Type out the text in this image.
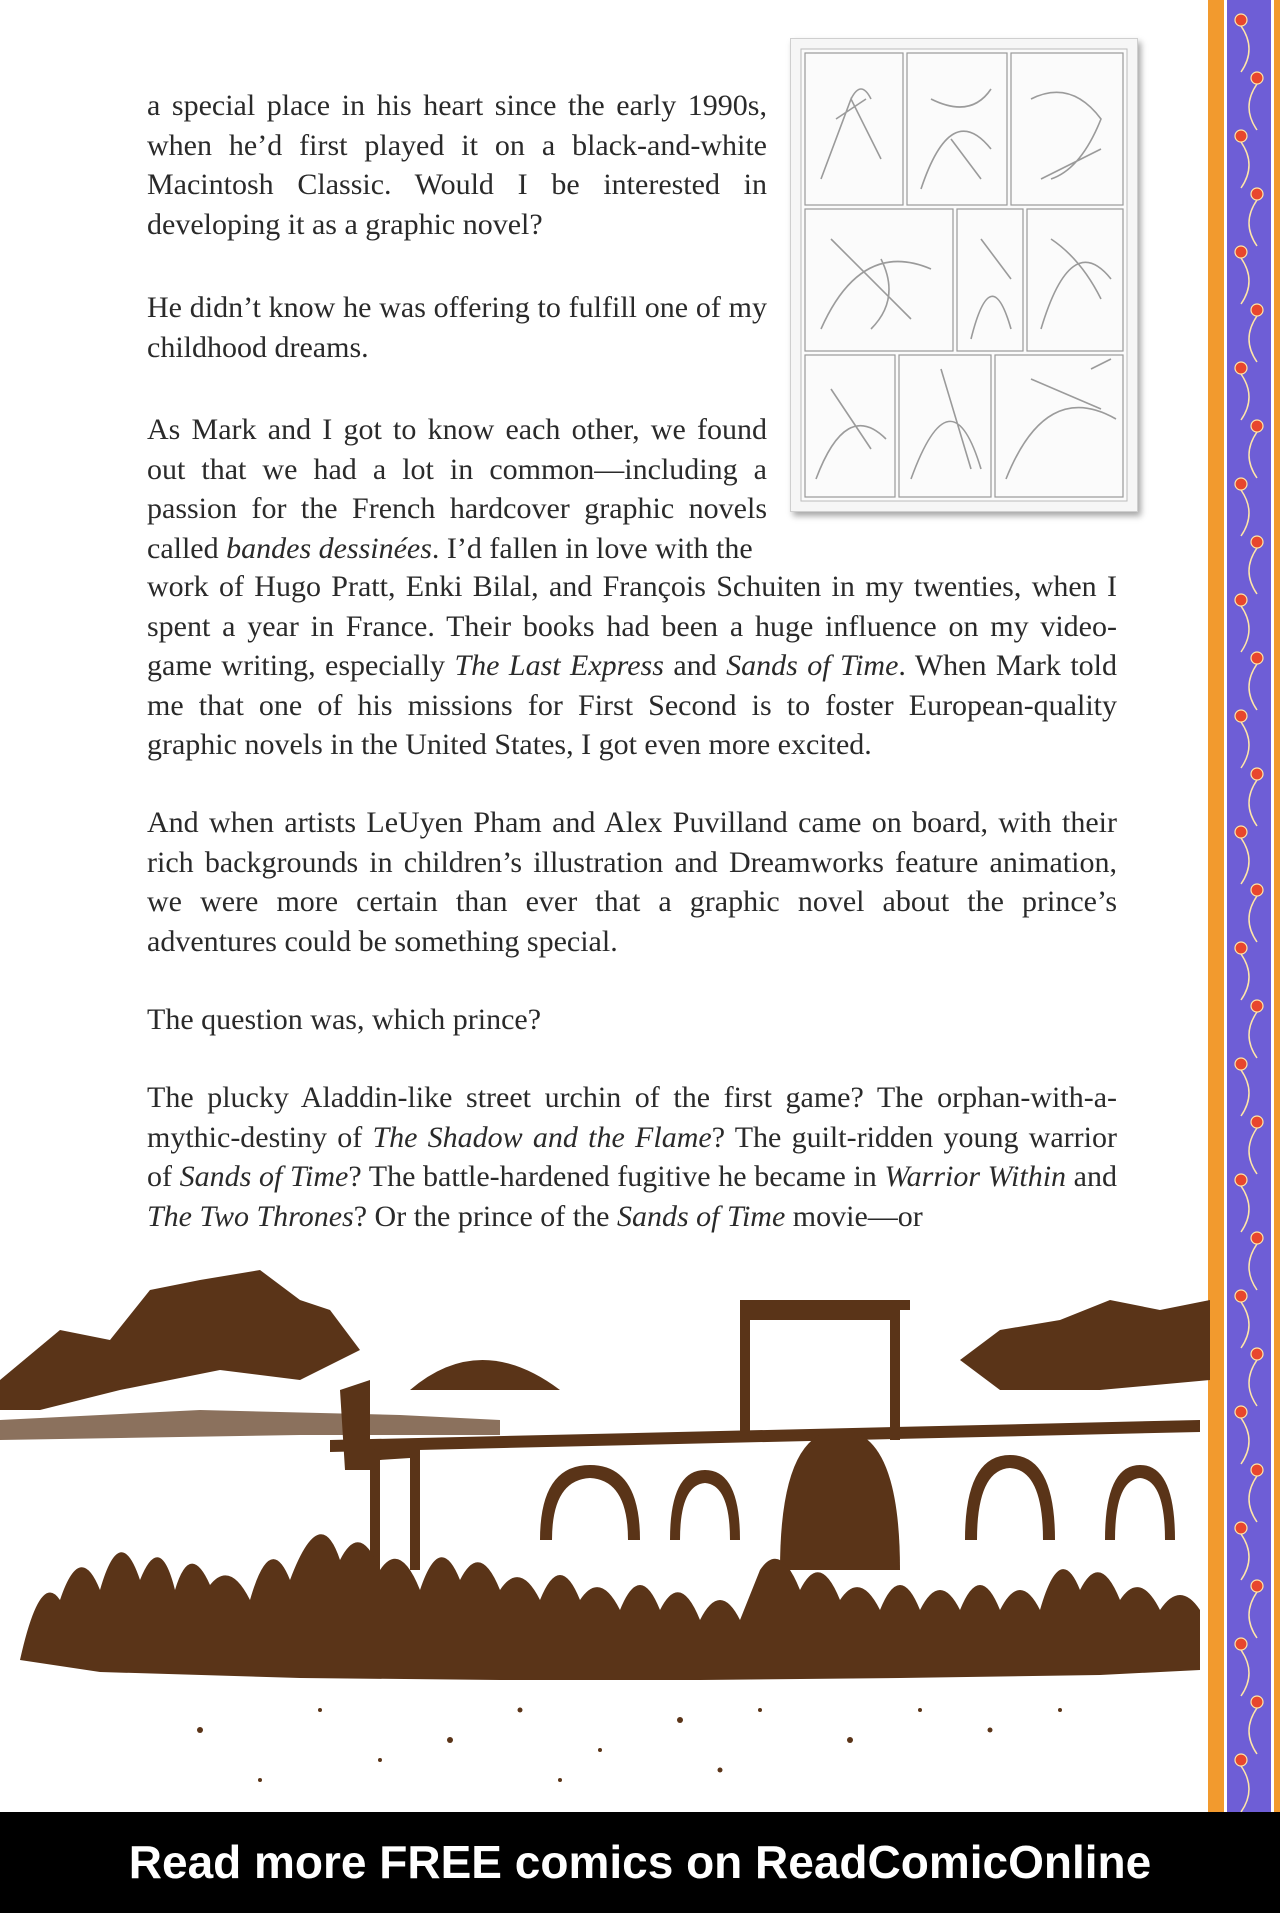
a special place in his heart since the early 1990s, when he’d first played it on a black-and-white Macintosh Classic. Would I be interested in developing it as a graphic novel?

He didn’t know he was offering to fulfill one of my childhood dreams.

As Mark and I got to know each other, we found out that we had a lot in common—including a passion for the French hardcover graphic novels called bandes dessinées. I’d fallen in love with the

work of Hugo Pratt, Enki Bilal, and François Schuiten in my twenties, when I spent a year in France. Their books had been a huge influence on my video-game writing, especially The Last Express and Sands of Time. When Mark told me that one of his missions for First Second is to foster European-quality graphic novels in the United States, I got even more excited.

And when artists LeUyen Pham and Alex Puvilland came on board, with their rich backgrounds in children’s illustration and Dreamworks feature animation, we were more certain than ever that a graphic novel about the prince’s adventures could be something special.

The question was, which prince?

The plucky Aladdin-like street urchin of the first game? The orphan-with-a-mythic-destiny of The Shadow and the Flame? The guilt-ridden young warrior of Sands of Time? The battle-hardened fugitive he became in Warrior Within and The Two Thrones? Or the prince of the Sands of Time movie—or

Read more FREE comics on ReadComicOnline
